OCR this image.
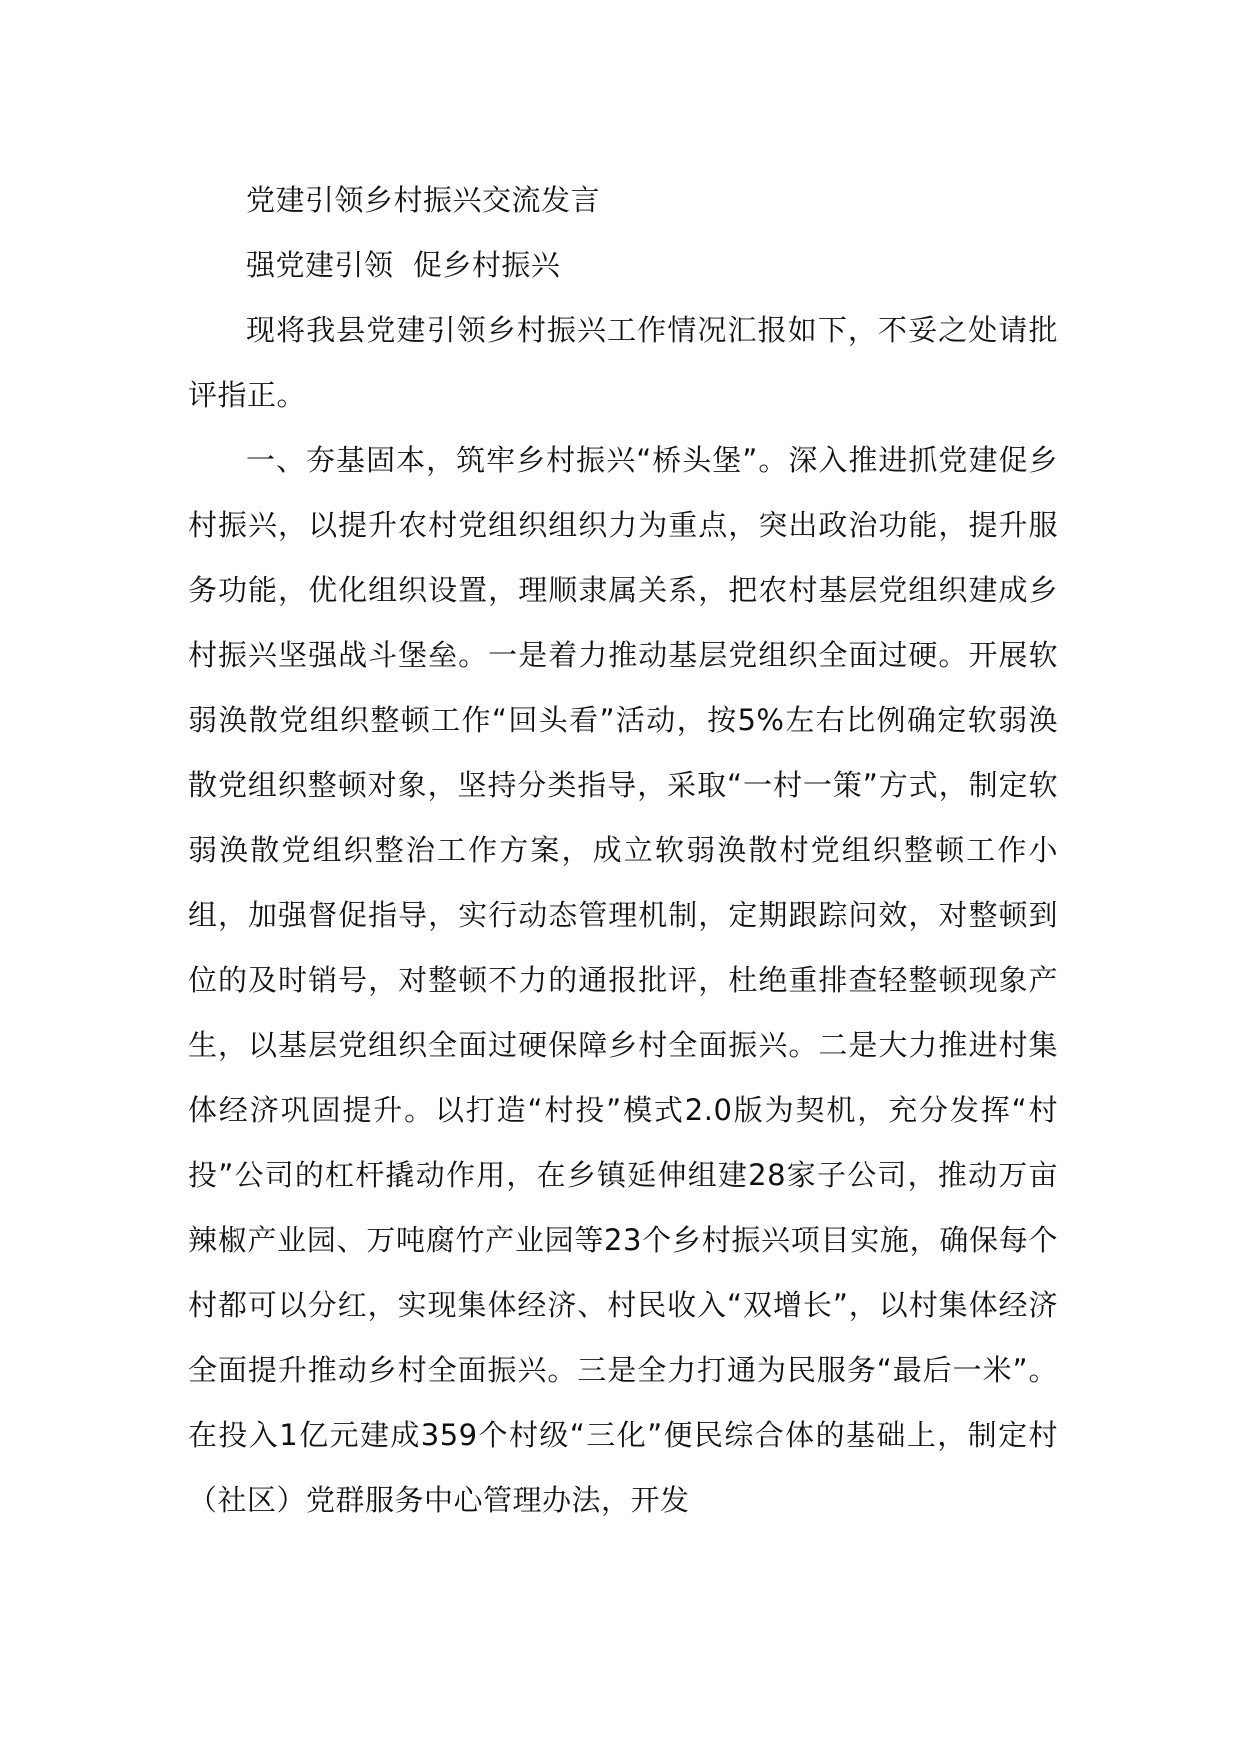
党建引领乡村振兴交流发言

强党建引领  促乡村振兴

现将我县党建引领乡村振兴工作情况汇报如下，不妥之处请批评指正。

一、夯基固本，筑牢乡村振兴“桥头堡”。深入推进抓党建促乡村振兴，以提升农村党组织组织力为重点，突出政治功能，提升服务功能，优化组织设置，理顺隶属关系，把农村基层党组织建成乡村振兴坚强战斗堡垒。一是着力推动基层党组织全面过硬。开展软弱涣散党组织整顿工作“回头看”活动，按5%左右比例确定软弱涣散党组织整顿对象，坚持分类指导，采取“一村一策”方式，制定软弱涣散党组织整治工作方案，成立软弱涣散村党组织整顿工作小组，加强督促指导，实行动态管理机制，定期跟踪问效，对整顿到位的及时销号，对整顿不力的通报批评，杜绝重排查轻整顿现象产生，以基层党组织全面过硬保障乡村全面振兴。二是大力推进村集体经济巩固提升。以打造“村投”模式2.0版为契机，充分发挥“村投”公司的杠杆撬动作用，在乡镇延伸组建28家子公司，推动万亩辣椒产业园、万吨腐竹产业园等23个乡村振兴项目实施，确保每个村都可以分红，实现集体经济、村民收入“双增长”，以村集体经济全面提升推动乡村全面振兴。三是全力打通为民服务“最后一米”。在投入1亿元建成359个村级“三化”便民综合体的基础上，制定村（社区）党群服务中心管理办法，开发
